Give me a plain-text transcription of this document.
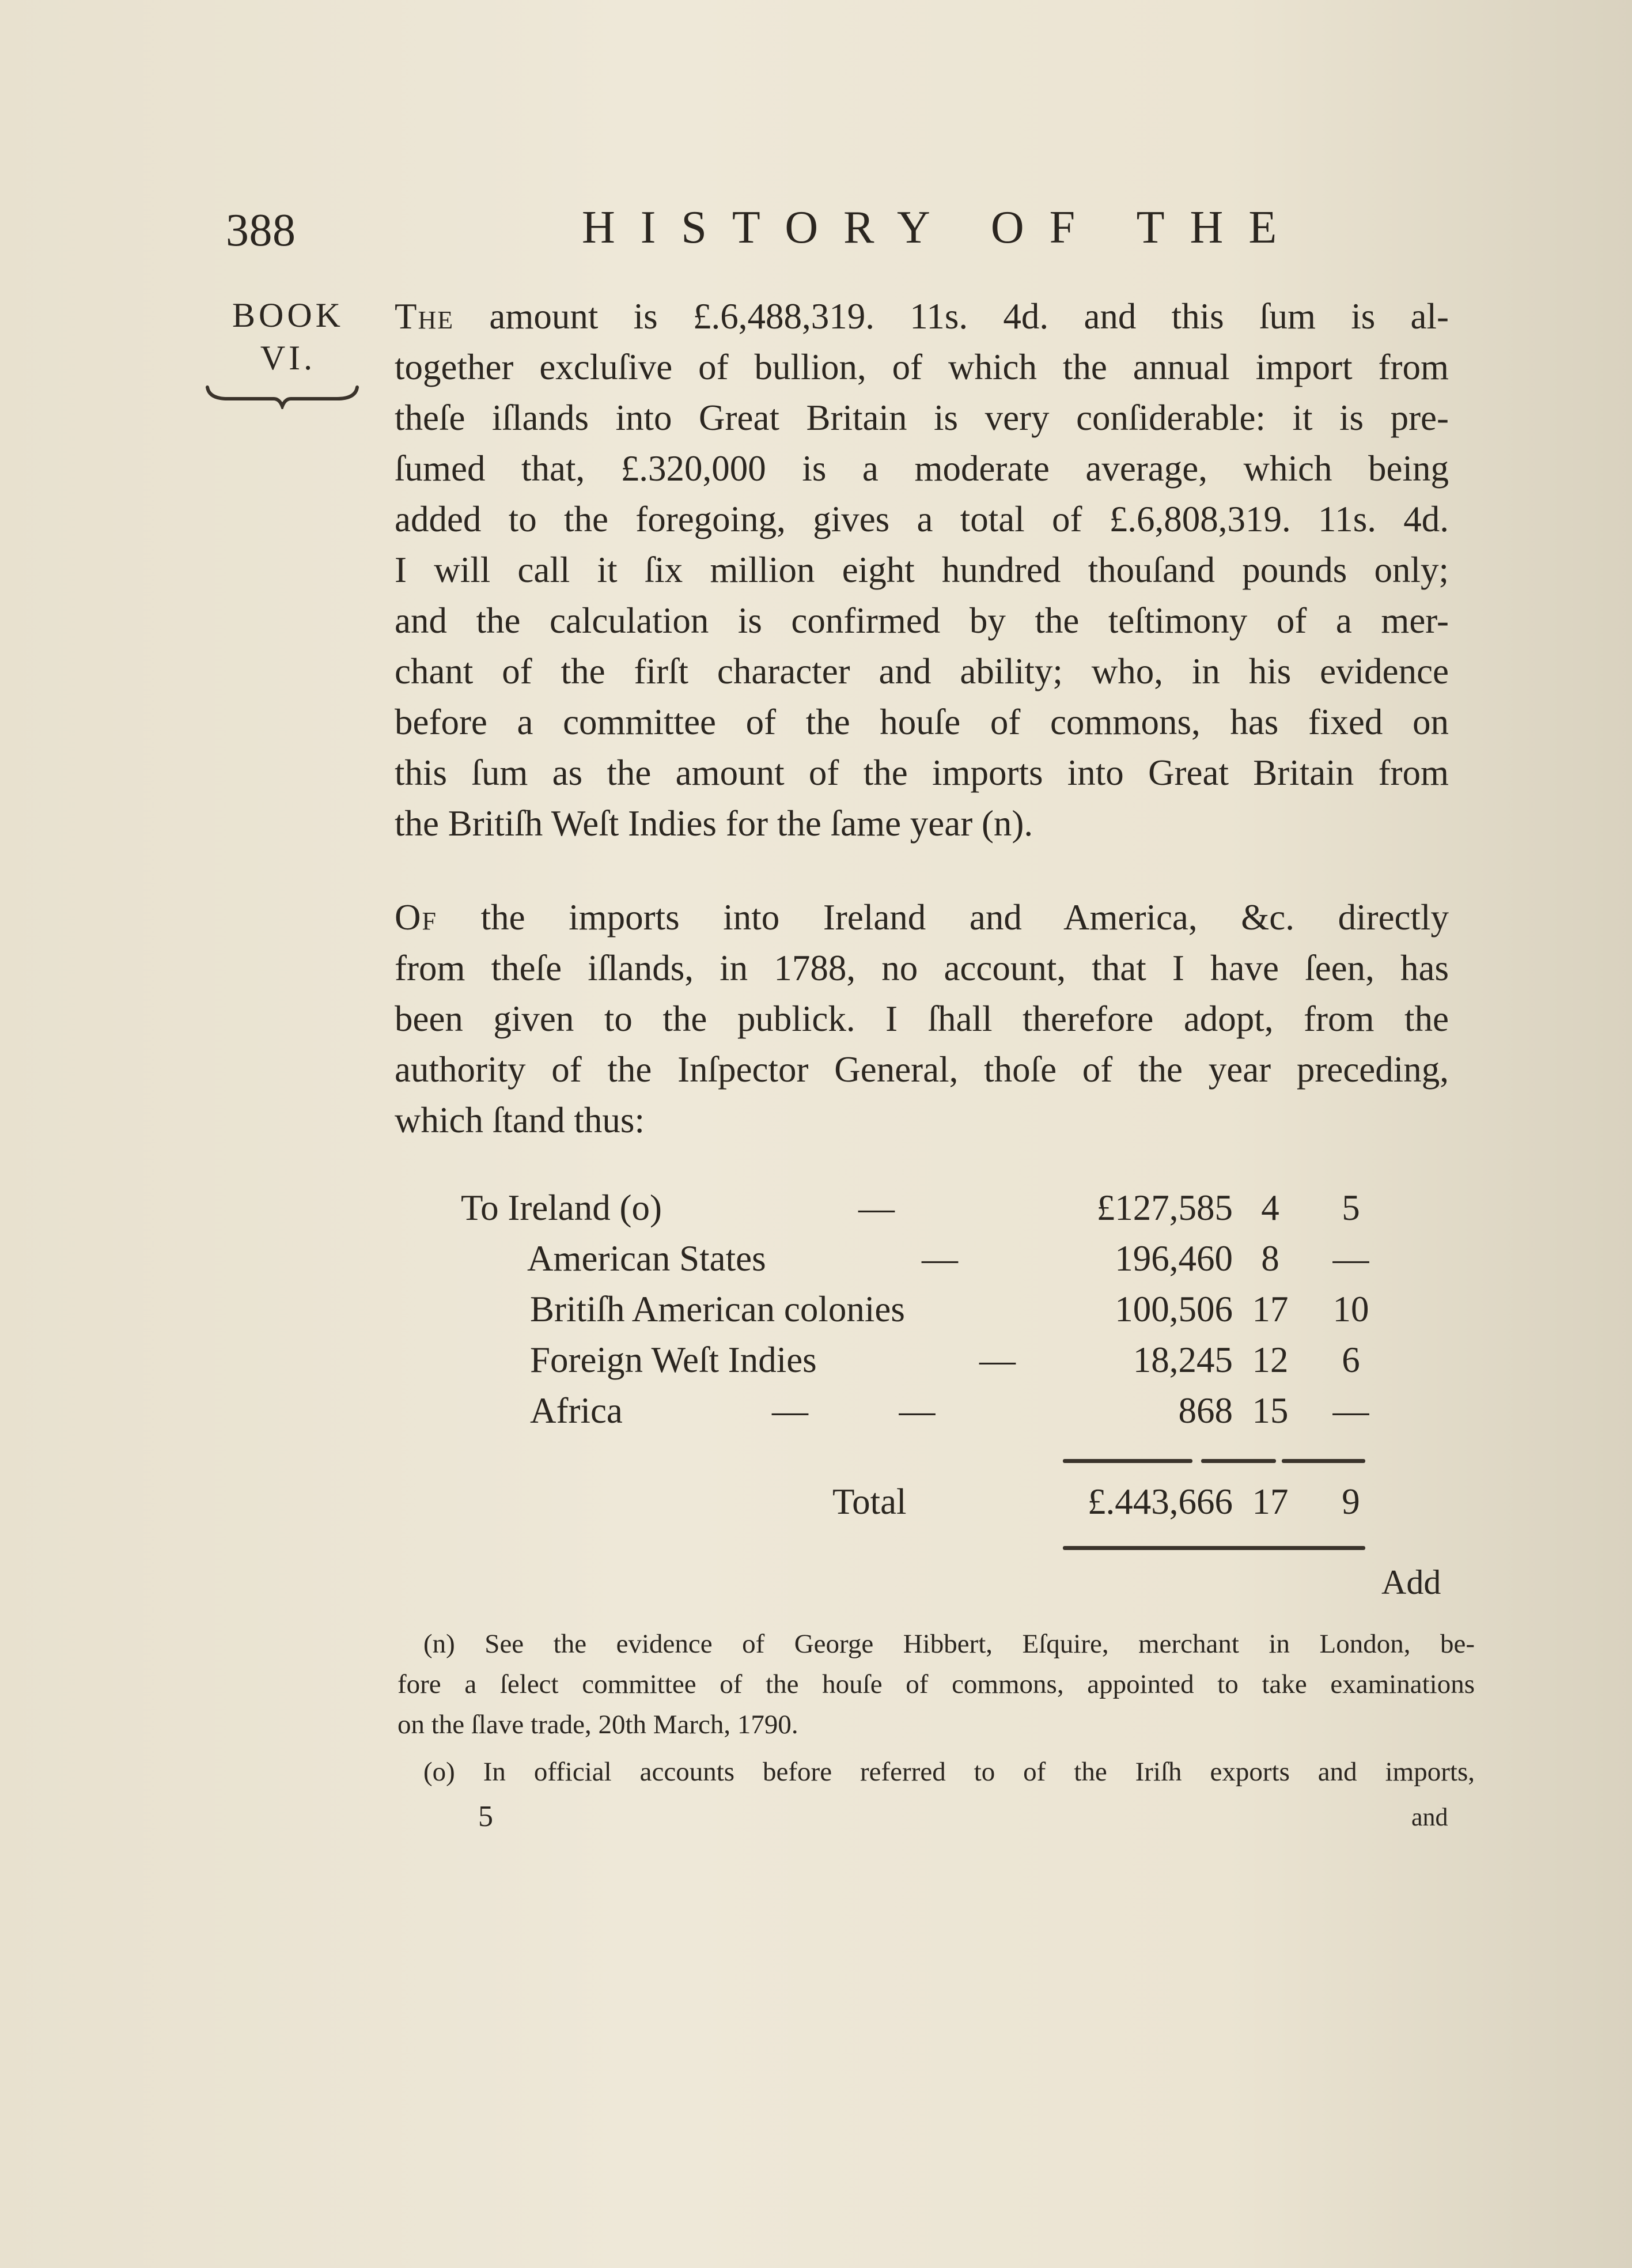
388	HISTORY OF THE
BOOK
VI.
The amount is £.6,488,319. 11s. 4d. and this ſum is al-
together excluſive of bullion, of which the annual import from
theſe iſlands into Great Britain is very conſiderable: it is pre-
ſumed that, £.320,000 is a moderate average, which being
added to the foregoing, gives a total of £.6,808,319. 11s. 4d.
I will call it ſix million eight hundred thouſand pounds only;
and the calculation is confirmed by the teſtimony of a mer-
chant of the firſt character and ability; who, in his evidence
before a committee of the houſe of commons, has fixed on
this ſum as the amount of the imports into Great Britain from
the Britiſh Weſt Indies for the ſame year (n).
Of the imports into Ireland and America, &c. directly
from theſe iſlands, in 1788, no account, that I have ſeen, has
been given to the publick. I ſhall therefore adopt, from the
authority of the Inſpector General, thoſe of the year preceding,
which ſtand thus:
To Ireland (o)	—	£127,585 4	5
American States	—	196,460 8	—
Britiſh American colonies	100,506 17 10
Foreign Weſt Indies	—	18,245 12	6
Africa	—          —	868 15 —
Total	£.443,666 17	9
Add
(n) See the evidence of George Hibbert, Eſquire, merchant in London, be-
fore a ſelect committee of the houſe of commons, appointed to take examinations
on the ſlave trade, 20th March, 1790.
(o) In official accounts before referred to of the Iriſh exports and imports,
5	and
